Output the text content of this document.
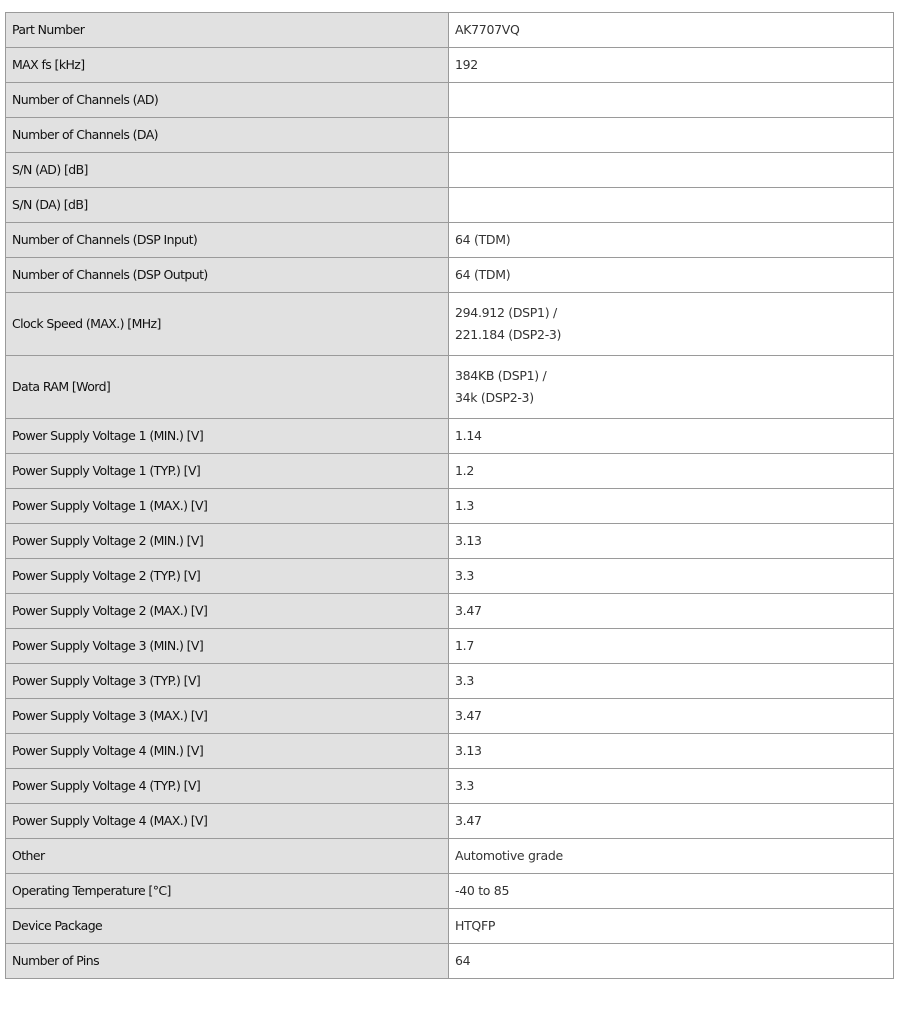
Part Number	AK7707VQ
MAX fs [kHz]	192
Number of Channels (AD)	
Number of Channels (DA)	
S/N (AD) [dB]	
S/N (DA) [dB]	
Number of Channels (DSP Input)	64 (TDM)
Number of Channels (DSP Output)	64 (TDM)
Clock Speed (MAX.) [MHz]	294.912 (DSP1) /
221.184 (DSP2-3)

Data RAM [Word]	384KB (DSP1) /
34k (DSP2-3)

Power Supply Voltage 1 (MIN.) [V]	1.14
Power Supply Voltage 1 (TYP.) [V]	1.2
Power Supply Voltage 1 (MAX.) [V]	1.3
Power Supply Voltage 2 (MIN.) [V]	3.13
Power Supply Voltage 2 (TYP.) [V]	3.3
Power Supply Voltage 2 (MAX.) [V]	3.47
Power Supply Voltage 3 (MIN.) [V]	1.7
Power Supply Voltage 3 (TYP.) [V]	3.3
Power Supply Voltage 3 (MAX.) [V]	3.47
Power Supply Voltage 4 (MIN.) [V]	3.13
Power Supply Voltage 4 (TYP.) [V]	3.3
Power Supply Voltage 4 (MAX.) [V]	3.47
Other	Automotive grade
Operating Temperature [°C]	-40 to 85
Device Package	HTQFP
Number of Pins	64
